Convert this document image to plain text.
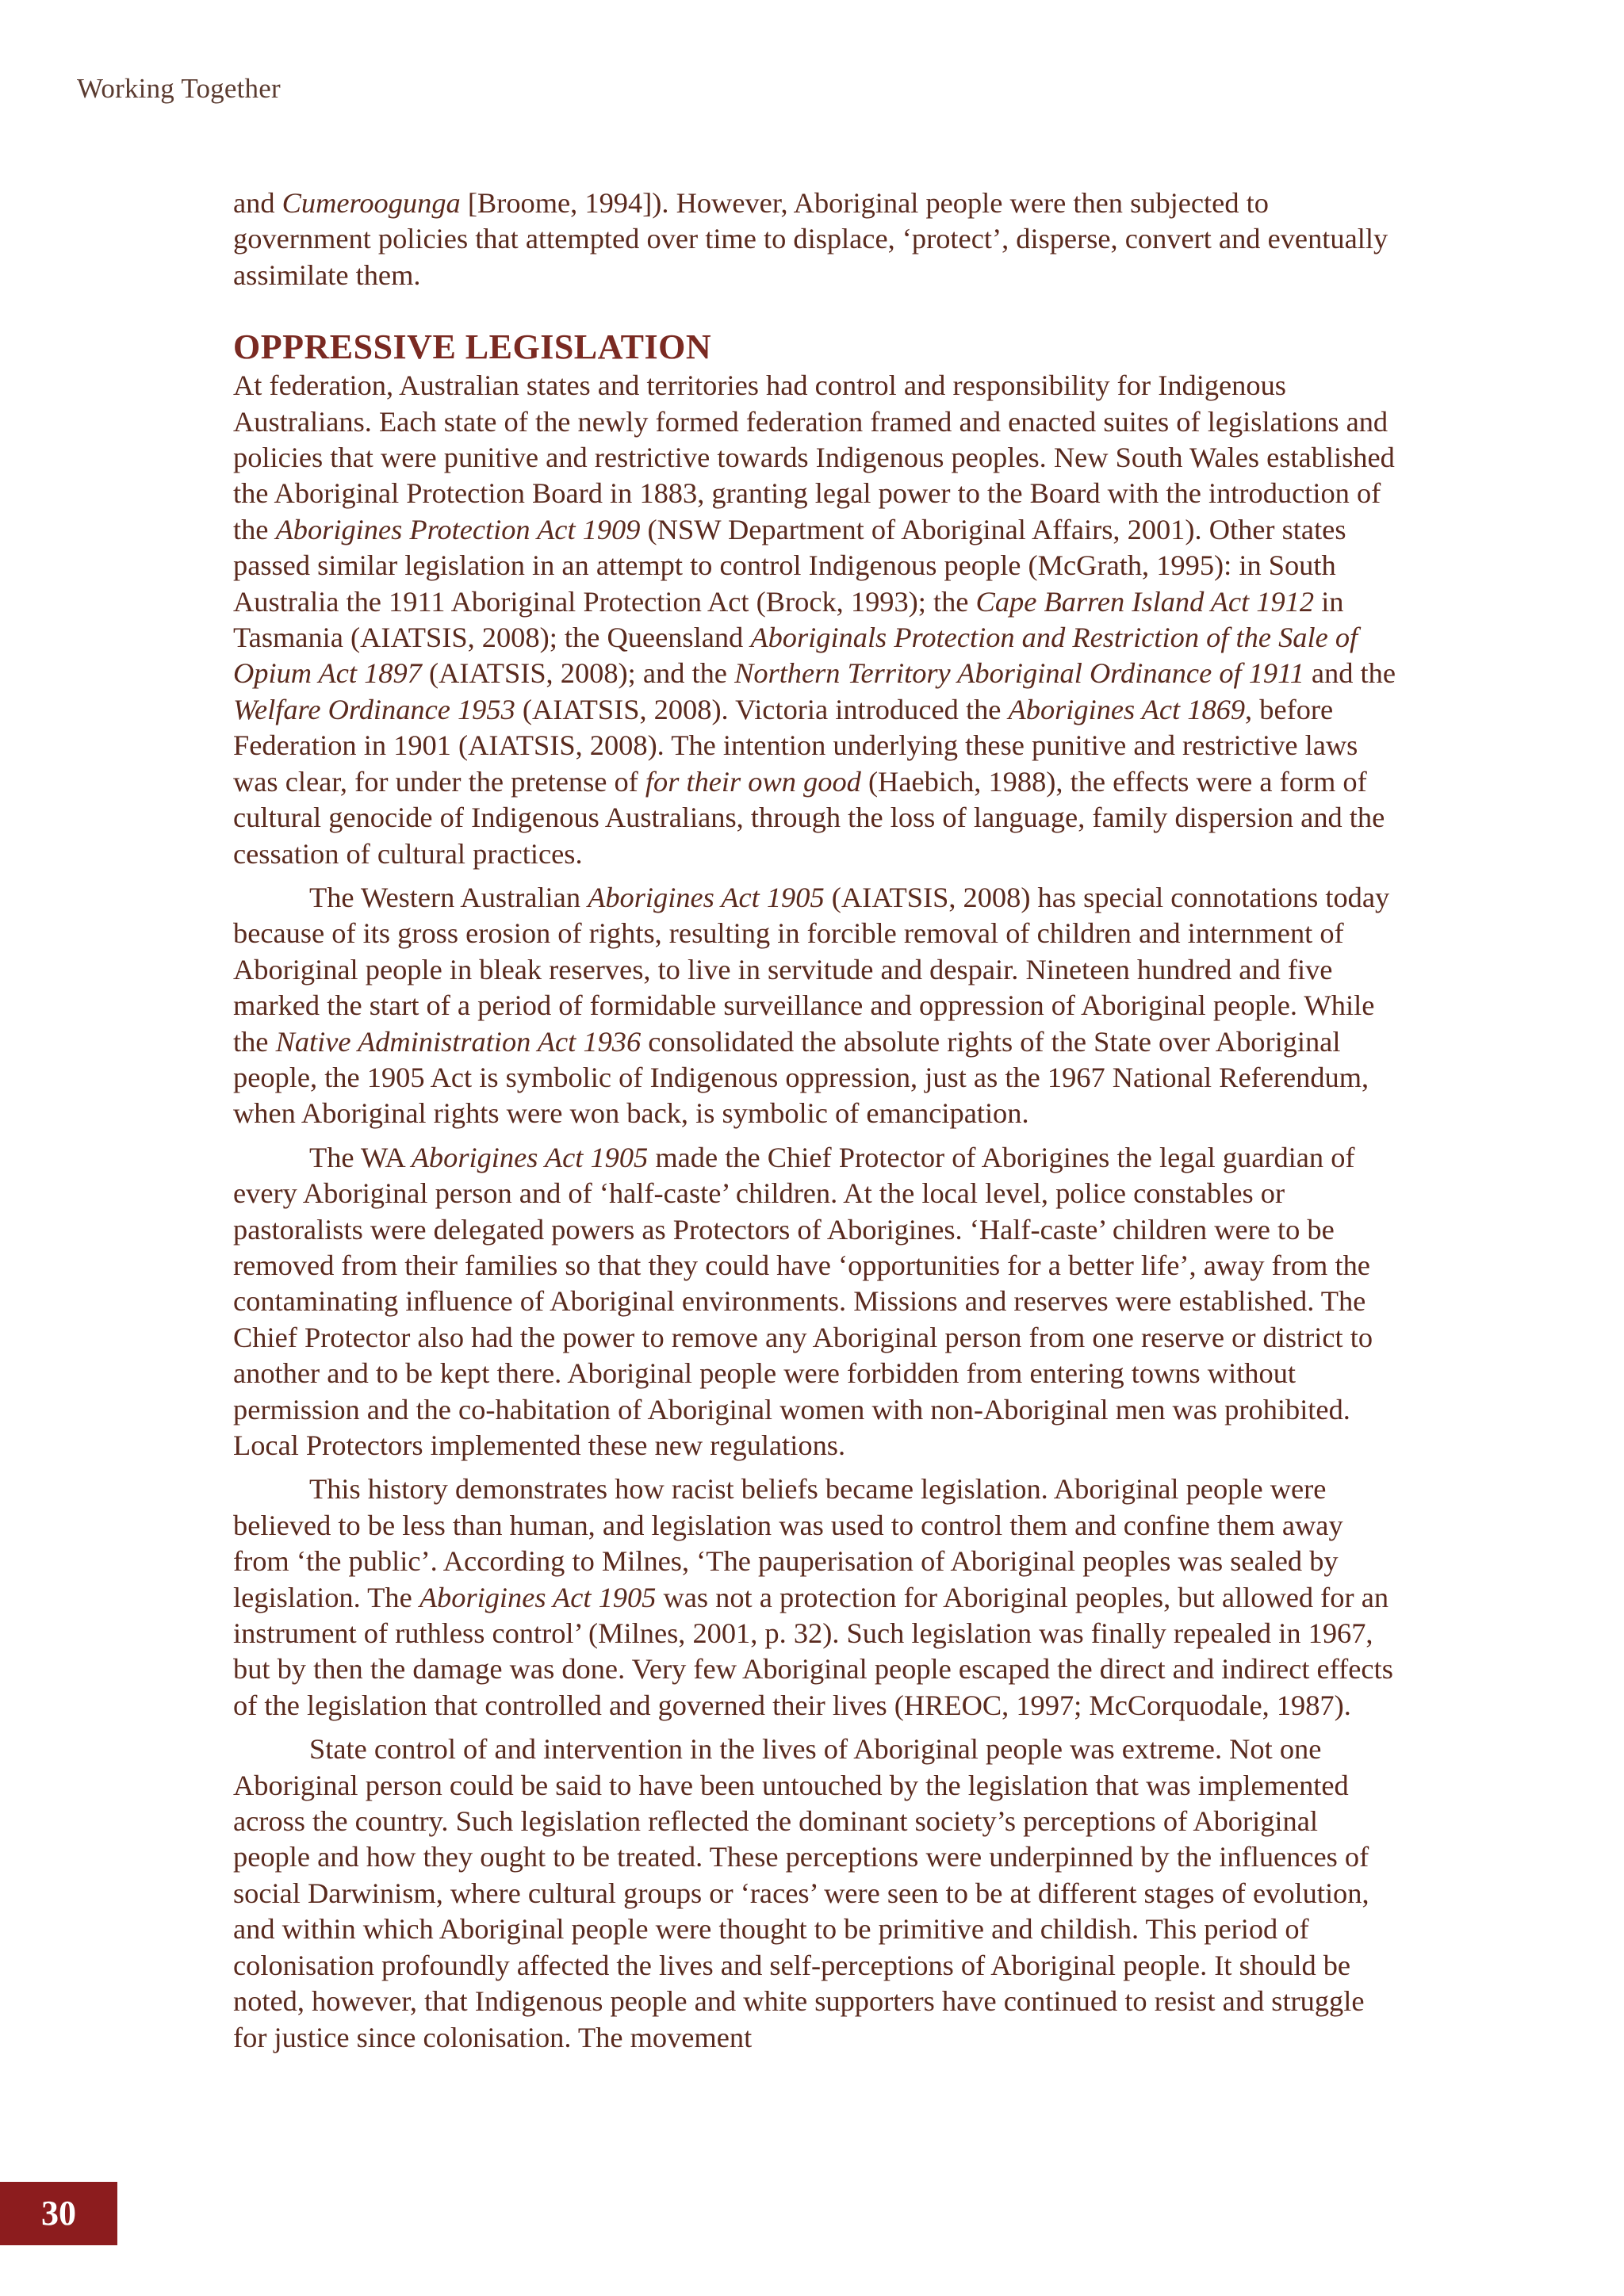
Working Together

and Cumeroogunga [Broome, 1994]). However, Aboriginal people were then subjected to government policies that attempted over time to displace, ‘protect’, disperse, convert and eventually assimilate them.

OPPRESSIVE LEGISLATION

At federation, Australian states and territories had control and responsibility for Indigenous Australians. Each state of the newly formed federation framed and enacted suites of legislations and policies that were punitive and restrictive towards Indigenous peoples. New South Wales established the Aboriginal Protection Board in 1883, granting legal power to the Board with the introduction of the Aborigines Protection Act 1909 (NSW Department of Aboriginal Affairs, 2001). Other states passed similar legislation in an attempt to control Indigenous people (McGrath, 1995): in South Australia the 1911 Aboriginal Protection Act (Brock, 1993); the Cape Barren Island Act 1912 in Tasmania (AIATSIS, 2008); the Queensland Aboriginals Protection and Restriction of the Sale of Opium Act 1897 (AIATSIS, 2008); and the Northern Territory Aboriginal Ordinance of 1911 and the Welfare Ordinance 1953 (AIATSIS, 2008). Victoria introduced the Aborigines Act 1869, before Federation in 1901 (AIATSIS, 2008). The intention underlying these punitive and restrictive laws was clear, for under the pretense of for their own good (Haebich, 1988), the effects were a form of cultural genocide of Indigenous Australians, through the loss of language, family dispersion and the cessation of cultural practices.

The Western Australian Aborigines Act 1905 (AIATSIS, 2008) has special connotations today because of its gross erosion of rights, resulting in forcible removal of children and internment of Aboriginal people in bleak reserves, to live in servitude and despair. Nineteen hundred and five marked the start of a period of formidable surveillance and oppression of Aboriginal people. While the Native Administration Act 1936 consolidated the absolute rights of the State over Aboriginal people, the 1905 Act is symbolic of Indigenous oppression, just as the 1967 National Referendum, when Aboriginal rights were won back, is symbolic of emancipation.

The WA Aborigines Act 1905 made the Chief Protector of Aborigines the legal guardian of every Aboriginal person and of ‘half-caste’ children. At the local level, police constables or pastoralists were delegated powers as Protectors of Aborigines. ‘Half-caste’ children were to be removed from their families so that they could have ‘opportunities for a better life’, away from the contaminating influence of Aboriginal environments. Missions and reserves were established. The Chief Protector also had the power to remove any Aboriginal person from one reserve or district to another and to be kept there. Aboriginal people were forbidden from entering towns without permission and the co-habitation of Aboriginal women with non-Aboriginal men was prohibited. Local Protectors implemented these new regulations.

This history demonstrates how racist beliefs became legislation. Aboriginal people were believed to be less than human, and legislation was used to control them and confine them away from ‘the public’. According to Milnes, ‘The pauperisation of Aboriginal peoples was sealed by legislation. The Aborigines Act 1905 was not a protection for Aboriginal peoples, but allowed for an instrument of ruthless control’ (Milnes, 2001, p. 32). Such legislation was finally repealed in 1967, but by then the damage was done. Very few Aboriginal people escaped the direct and indirect effects of the legislation that controlled and governed their lives (HREOC, 1997; McCorquodale, 1987).

State control of and intervention in the lives of Aboriginal people was extreme. Not one Aboriginal person could be said to have been untouched by the legislation that was implemented across the country. Such legislation reflected the dominant society’s perceptions of Aboriginal people and how they ought to be treated. These perceptions were underpinned by the influences of social Darwinism, where cultural groups or ‘races’ were seen to be at different stages of evolution, and within which Aboriginal people were thought to be primitive and childish. This period of colonisation profoundly affected the lives and self-perceptions of Aboriginal people. It should be noted, however, that Indigenous people and white supporters have continued to resist and struggle for justice since colonisation. The movement

30
